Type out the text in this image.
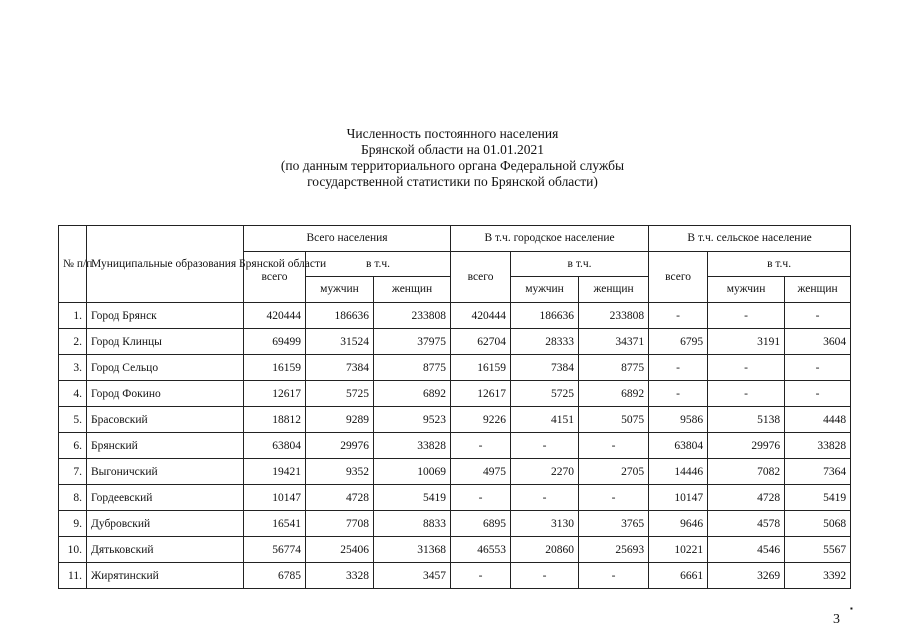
Численность постоянного населения
Брянской области на 01.01.2021
(по данным территориального органа Федеральной службы
государственной статистики по Брянской области)
№ п/п	Муниципальные образования Брянской области	Всего населения			В т.ч. городское население			В т.ч. сельское население		
		всего	в т.ч.		всего	в т.ч.		всего	в т.ч.	
			мужчин	женщин		мужчин	женщин		мужчин	женщин
1.	Город Брянск	420444	186636	233808	420444	186636	233808	-	-	-
2.	Город Клинцы	69499	31524	37975	62704	28333	34371	6795	3191	3604
3.	Город Сельцо	16159	7384	8775	16159	7384	8775	-	-	-
4.	Город Фокино	12617	5725	6892	12617	5725	6892	-	-	-
5.	Брасовский	18812	9289	9523	9226	4151	5075	9586	5138	4448
6.	Брянский	63804	29976	33828	-	-	-	63804	29976	33828
7.	Выгоничский	19421	9352	10069	4975	2270	2705	14446	7082	7364
8.	Гордеевский	10147	4728	5419	-	-	-	10147	4728	5419
9.	Дубровский	16541	7708	8833	6895	3130	3765	9646	4578	5068
10.	Дятьковский	56774	25406	31368	46553	20860	25693	10221	4546	5567
11.	Жирятинский	6785	3328	3457	-	-	-	6661	3269	3392
▪
3
